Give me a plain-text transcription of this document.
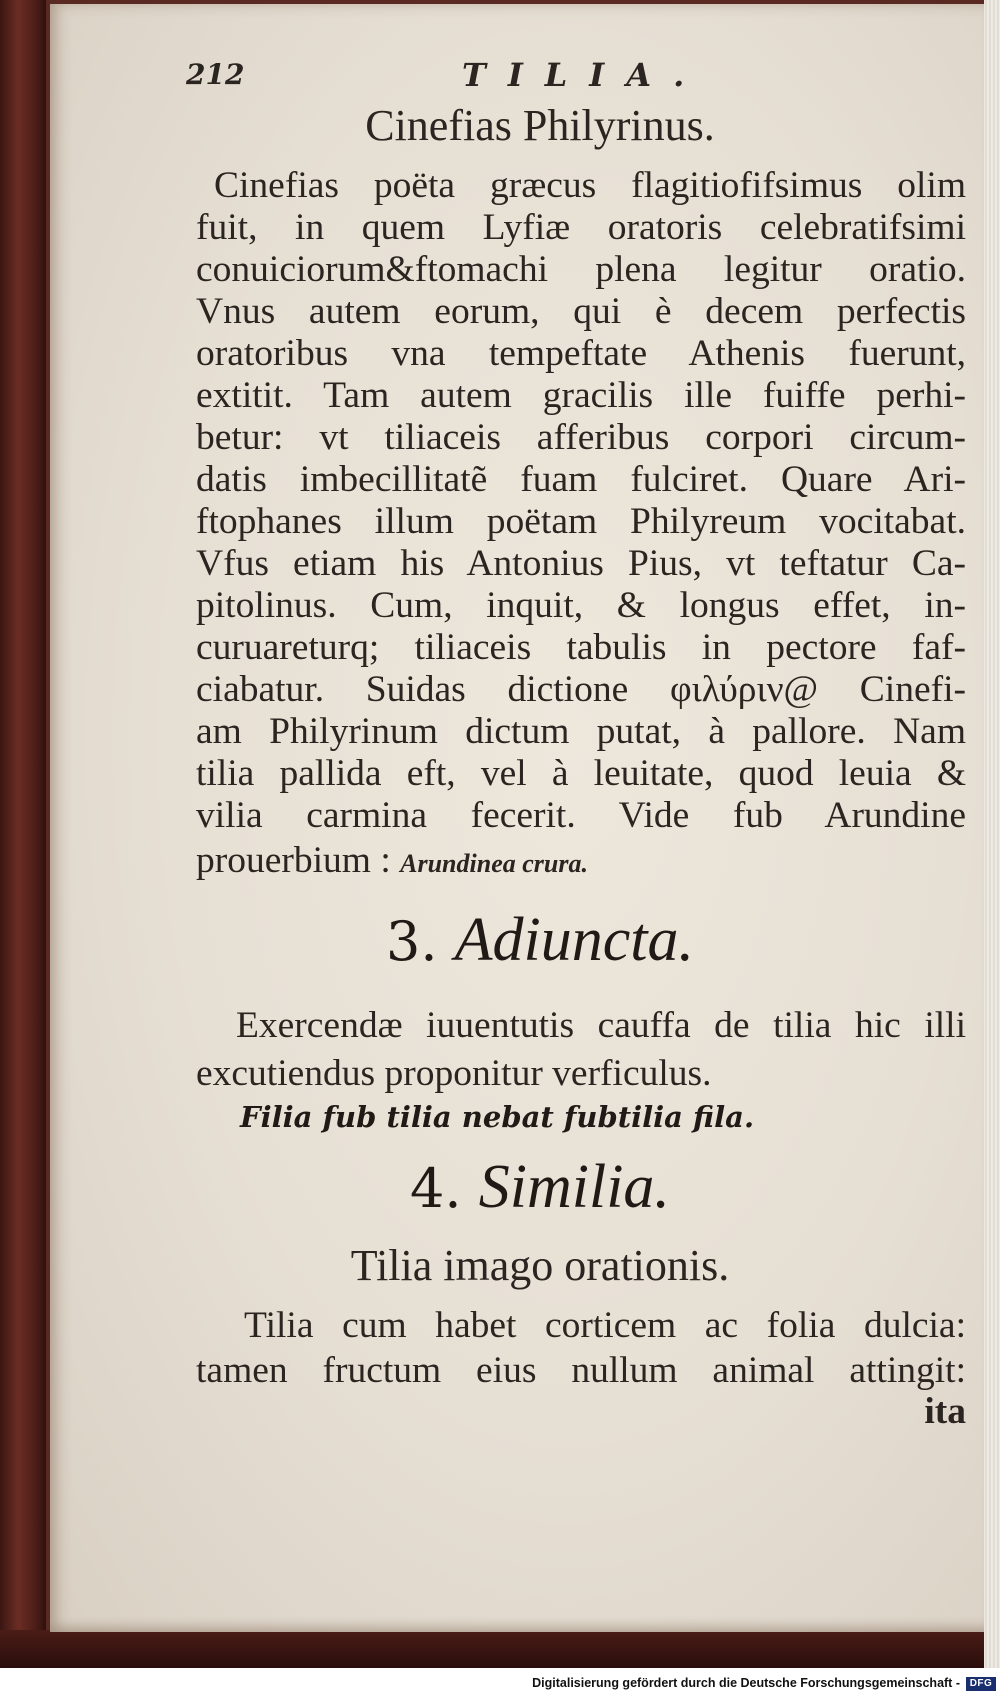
212	TILIA.
Cinefias Philyrinus.
Cinefias poëta græcus flagitiofifsimus olim
fuit, in quem Lyfiæ oratoris celebratifsimi
conuiciorum&ftomachi plena legitur oratio.
Vnus autem eorum, qui è decem perfectis
oratoribus vna tempeftate Athenis fuerunt,
extitit. Tam autem gracilis ille fuiffe perhi-
betur: vt tiliaceis afferibus corpori circum-
datis imbecillitatẽ fuam fulciret. Quare Ari-
ftophanes illum poëtam Philyreum vocitabat.
Vfus etiam his Antonius Pius, vt teftatur Ca-
pitolinus. Cum, inquit, & longus effet, in-
curuareturq; tiliaceis tabulis in pectore faf-
ciabatur. Suidas dictione φιλύριν@ Cinefi-
am Philyrinum dictum putat, à pallore. Nam
tilia pallida eft, vel à leuitate, quod leuia &
vilia carmina fecerit. Vide fub Arundine
prouerbium : Arundinea crura.
3. Adiuncta.
Exercendæ iuuentutis cauffa de tilia hic illi
excutiendus proponitur verficulus.
Filia fub tilia nebat fubtilia fila.
4. Similia.
Tilia imago orationis.
Tilia cum habet corticem ac folia dulcia:
tamen fructum eius nullum animal attingit:
ita
Digitalisierung gefördert durch die Deutsche Forschungsgemeinschaft - DFG
